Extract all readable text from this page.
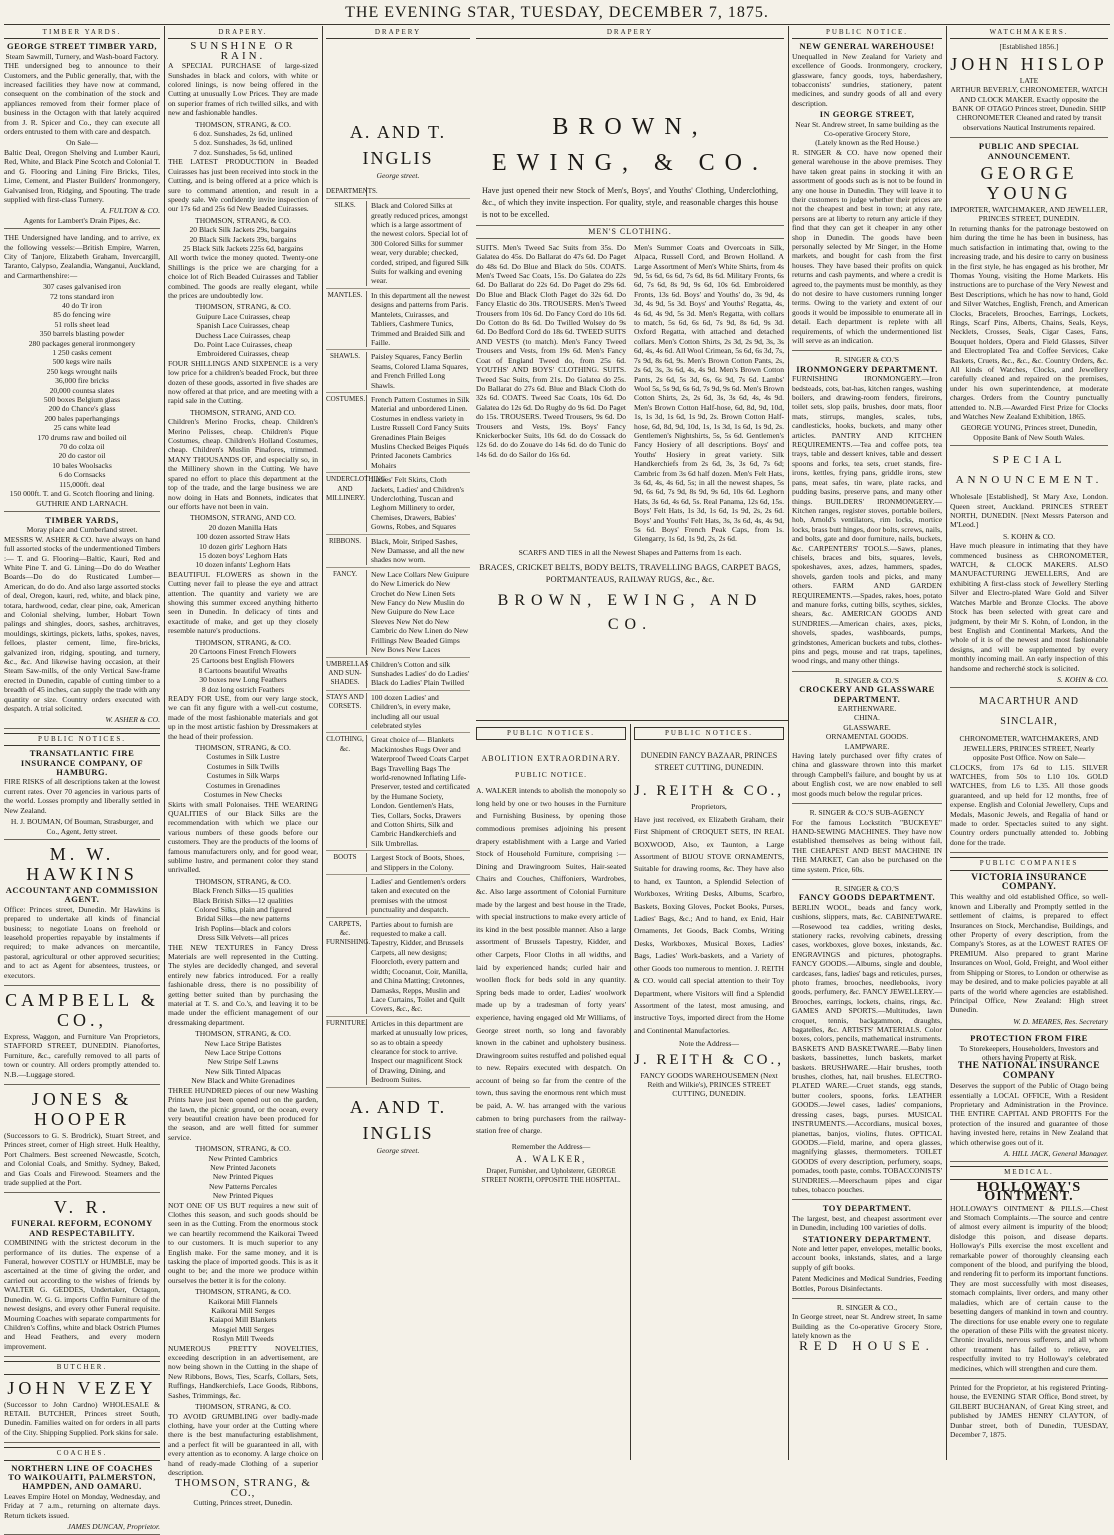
THE EVENING STAR, TUESDAY, DECEMBER 7, 1875.
TIMBER YARDS.
GEORGE STREET TIMBER YARD,
Steam Sawmill, Turnery, and Wash-board Factory.

THE undersigned beg to announce to their Customers, and the Public generally, that, with the increased facilities they have now at command, consequent on the combination of the stock and appliances removed from their former place of business in the Octagon with that lately acquired from J. R. Spicer and Co., they can execute all orders entrusted to them with care and despatch.

On Sale—

Baltic Deal, Oregon Shelving and Lumber Kauri, Red, White, and Black Pine Scotch and Colonial T. and G. Flooring and Lining Fire Bricks, Tiles, Lime, Cement, and Plaster Builders' Ironmongery, Galvanised Iron, Ridging, and Spouting. The trade supplied with first-class Turnery.

A. FULTON & CO.
Agents for Lambert's Drain Pipes, &c.

THE Undersigned have landing, and to arrive, ex the following vessels:—British Empire, Warren, City of Tanjore, Elizabeth Graham, Invercargill, Taranto, Calypso, Zealandia, Wanganui, Auckland, and Carmarthenshire:—

307 cases galvanised iron
72 tons standard iron
40 do Tr iron
85 do fencing wire
51 rolls sheet lead
350 barrels blasting powder
280 packages general ironmongery
1 250 casks cement
500 kegs wire nails
250 kegs wrought nails
36,000 fire bricks
20,000 countsa slates
500 boxes Belgium glass
200 do Chance's glass
200 bales paperhangings
25 cans white lead
170 drums raw and boiled oil
70 do colza oil
20 do castor oil
10 bales Woolsacks
6 do Cornsacks
115,000ft. deal
150 000ft. T. and G. Scotch flooring and lining.
GUTHRIE AND LARNACH.
TIMBER YARDS,
Moray place and Cumberland street.

MESSRS W. ASHER & CO. have always on hand full assorted stocks of the undermentioned Timbers :— T. and G. Flooring—Baltic, Kauri, Red and White Pine T. and G. Lining—Do do do Weather Boards—Do do do Rusticated Lumber—American, do do do. And also large assorted stocks of deal, Oregon, kauri, red, white, and black pine, totara, hardwood, cedar, clear pine, oak, American and Colonial shelving, lumber, Hobart Town palings and shingles, doors, sashes, architraves, mouldings, skirtings, pickets, laths, spokes, naves, felloes, plaster cement, lime, fire-bricks, galvanized iron, ridging, spouting, and turnery, &c., &c. And likewise having occasion, at their Steam Saw-mills, of the only Vertical Saw-frame erected in Dunedin, capable of cutting timber to a breadth of 45 inches, can supply the trade with any quantity or size. Country orders executed with despatch. A trial solicited.

W. ASHER & CO.
PUBLIC NOTICES.
TRANSATLANTIC FIRE INSURANCE COMPANY, OF HAMBURG.

FIRE RISKS of all descriptions taken at the lowest current rates. Over 70 agencies in various parts of the world. Losses promptly and liberally settled in New Zealand.

H. J. BOUMAN, Of Bouman, Strasburger, and Co., Agent, Jetty street.
M. W. HAWKINS
ACCOUNTANT AND COMMISSION AGENT.

Office: Princes street, Dunedin. Mr Hawkins is prepared to undertake all kinds of financial business; to negotiate Loans on freehold or leasehold properties repayable by instalments if required; to make advances on mercantile, pastoral, agricultural or other approved securities; and to act as Agent for absentees, trustees, or executors.

CAMPBELL & CO.,

Express, Waggon, and Furniture Van Proprietors, STAFFORD STREET, DUNEDIN. Pianofortes, Furniture, &c., carefully removed to all parts of town or country. All orders promptly attended to. N.B.—Luggage stored.

JONES & HOOPER

(Successors to G. S. Brodrick), Stuart Street, and Princes street, corner of High street. Hulk Healthy, Port Chalmers. Best screened Newcastle, Scotch, and Colonial Coals, and Smithy. Sydney, Baked, and Gas Coals and Firewood. Steamers and the trade supplied at the Port.

V. R.
FUNERAL REFORM, ECONOMY AND RESPECTABILITY.

COMBINING with the strictest decorum in the performance of its duties. The expense of a Funeral, however COSTLY or HUMBLE, may be ascertained at the time of giving the order, and carried out according to the wishes of friends by WALTER G. GEDDES, Undertaker, Octagon, Dunedin. W. G. G. imports Coffin Furniture of the newest designs, and every other Funeral requisite. Mourning Coaches with separate compartments for Children's Coffins, white and black Ostrich Plumes and Head Feathers, and every modern improvement.

BUTCHER.
JOHN VEZEY

(Successor to John Cardno) WHOLESALE & RETAIL BUTCHER, Princes street South, Dunedin. Families waited on for orders in all parts of the City. Shipping Supplied. Pork skins for sale.

COACHES.
NORTHERN LINE OF COACHES TO WAIKOUAITI, PALMERSTON, HAMPDEN, AND OAMARU.

Leaves Empire Hotel on Monday, Wednesday, and Friday at 7 a.m., returning on alternate days. Return tickets issued.

JAMES DUNCAN, Proprietor.
DRAPERY.
SUNSHINE OR RAIN.

A SPECIAL PURCHASE of large-sized Sunshades in black and colors, with white or colored linings, is now being offered in the Cutting at unusually Low Prices. They are made on superior frames of rich twilled silks, and with new and fashionable handles.

THOMSON, STRANG, & CO.
6 doz. Sunshades, 2s 6d, unlined
5 doz. Sunshades, 3s 6d, unlined
7 doz. Sunshades, 5s 6d, unlined

THE LATEST PRODUCTION in Beaded Cuirasses has just been received into stock in the Cutting, and is being offered at a price which is sure to command attention, and result in a speedy sale. We confidently invite inspection of our 17s 6d and 25s 6d New Beaded Cuirasses.

THOMSON, STRANG, & CO.
20 Black Silk Jackets 29s, bargains
20 Black Silk Jackets 39s, bargains
25 Black Silk Jackets 225s 6d, bargains

All worth twice the money quoted. Twenty-one Shillings is the price we are charging for a choice lot of Rich Beaded Cuirasses and Tablier combined. The goods are really elegant, while the prices are undoubtedly low.

THOMSON, STRANG, & CO.
Guipure Lace Cuirasses, cheap
Spanish Lace Cuirasses, cheap
Duchess Lace Cuirasses, cheap
Do. Point Lace Cuirasses, cheap
Embroidered Cuirasses, cheap

FOUR SHILLINGS AND SIXPENCE is a very low price for a children's beaded Frock, but three dozen of these goods, assorted in five shades are now offered at that price, and are meeting with a rapid sale in the Cutting.

THOMSON, STRANG, AND CO.

Children's Merino Frocks, cheap. Children's Merino Pelisses, cheap. Children's Pique Costumes, cheap. Children's Holland Costumes, cheap. Children's Muslin Pinafores, trimmed. MANY THOUSANDS OF, and especially so, in the Millinery shown in the Cutting. We have spared no effort to place this department at the top of the trade, and the large business we are now doing in Hats and Bonnets, indicates that our efforts have not been in vain.

THOMSON, STRANG, AND CO.
20 dozen Manilla Hats
100 dozen assorted Straw Hats
10 dozen girls' Leghorn Hats
15 dozen boys' Leghorn Hats
10 dozen infants' Leghorn Hats

BEAUTIFUL FLOWERS as shown in the Cutting never fail to please the eye and attract attention. The quantity and variety we are showing this summer exceed anything hitherto seen in Dunedin. In delicacy of tints and exactitude of make, and get up they closely resemble nature's productions.

THOMSON, STRANG, & CO.
20 Cartoons Finest French Flowers
25 Cartoons best English Flowers
8 Cartoons beautiful Wreaths
30 boxes new Long Feathers
8 doz long ostrich Feathers

READY FOR USE, from our very large stock, we can fit any figure with a well-cut costume, made of the most fashionable materials and got up in the most artistic fashion by Dressmakers at the head of their profession.

THOMSON, STRANG, & CO.
Costumes in Silk Lustre
Costumes in Silk Twills
Costumes in Silk Warps
Costumes in Grenadines
Costumes in New Checks

Skirts with small Polonaises. THE WEARING QUALITIES of our Black Silks are the recommendation with which we place our various numbers of these goods before our customers. They are the products of the looms of famous manufacturers only, and for good wear, sublime lustre, and permanent color they stand unrivalled.

THOMSON, STRANG, & CO.
Black French Silks—15 qualities
Black British Silks—12 qualities
Colored Silks, plain and figured
Bridal Silks—the new patterns
Irish Poplins—black and colors
Dress Silk Velvets—all prices

THE NEW TEXTURES in Fancy Dress Materials are well represented in the Cutting. The styles are decidedly changed, and several entirely new fabrics introduced. For a really fashionable dress, there is no possibility of getting better suited than by purchasing the material at T. S. and Co.'s, and leaving it to be made under the efficient management of our dressmaking department.

THOMSON, STRANG, & CO.
New Lace Stripe Batistes
New Lace Stripe Cottons
New Stripe Self Lawns
New Silk Tinted Alpacas
New Black and White Grenadines

THREE HUNDRED pieces of our new Washing Prints have just been opened out on the garden, the lawn, the picnic ground, or the ocean, every very beautiful creation have been produced for the season, and are well fitted for summer service.

THOMSON, STRANG, & CO.
New Printed Cambrics
New Printed Jaconets
New Printed Piques
New Patterns Percales
New Printed Piques

NOT ONE OF US BUT requires a new suit of Clothes this season, and such goods should be seen in as the Cutting. From the enormous stock we can heartily recommend the Kaikorai Tweed to our customers. It is much superior to any English make. For the same money, and it is tasking the place of imported goods. This is as it ought to be; and the more we produce within ourselves the better it is for the colony.

THOMSON, STRANG, & CO.
Kaikorai Mill Flannels
Kaikorai Mill Serges
Kaiapoi Mill Blankets
Mosgiel Mill Serges
Roslyn Mill Tweeds

NUMEROUS PRETTY NOVELTIES, exceeding description in an advertisement, are now being shown in the Cutting in the shape of New Ribbons, Bows, Ties, Scarfs, Collars, Sets, Ruffings, Handkerchiefs, Lace Goods, Ribbons, Sashes, Trimmings, &c.

THOMSON, STRANG, & CO.

TO AVOID GRUMBLING over badly-made clothing, have your order at the Cutting where there is the best manufacturing establishment, and a perfect fit will be guaranteed in all, with every attention as to economy. A large choice on hand of ready-made Clothing of a superior description.

THOMSON, STRANG, & CO.,
Cutting, Princes street, Dunedin.
DRAPERY
A. AND T. INGLIS
George street.
DEPARTMENTS.
SILKS.	Black and Colored Silks at greatly reduced prices, amongst which is a large assortment of the newest colors. Special lot of 300 Colored Silks for summer wear, very durable; checked, corded, striped, and figured Silk Suits for walking and evening wear.
MANTLES.	In this department all the newest designs and patterns from Paris. Mantelets, Cuirasses, and Tabliers, Cashmere Tunics, Trimmed and Braided Silk and Faille.
SHAWLS.	Paisley Squares, Fancy Berlin Seams, Colored Llama Squares, and French Frilled Long Shawls.
COSTUMES. French Pattern Costumes in Silk Material and unbordered Linen. Costumes in endless variety in Lustre Russell Cord Fancy Suits Grenadines Plain Beiges Muslins Checked Beiges Piqués Printed Jaconets Cambrics Mohairs
UNDERCLOTHING AND MILLINERY.
Ladies' Felt Skirts, Cloth Jackets, Ladies' and Children's Underclothing, Tuscan and Leghorn Millinery to order, Chemises, Drawers, Babies' Gowns, Robes, and Squares
RIBBONS.	Black, Moir, Striped Sashes, New Damasse, and all the new shades now worn.
FANCY.	New Lace Collars New Guipure do New Limerick do New Crochet do New Linen Sets New Fancy do New Muslin do New Guipure do New Lace Sleeves New Net do New Cambric do New Linen do New Frillings New Beaded Gimps New Bows New Laces
UMBRELLAS AND SUN-SHADES.
Children's Cotton and silk Sunshades Ladies' do do Ladies' Black do Ladies' Plain Twilled
STAYS AND CORSETS.
100 dozen Ladies' and Children's, in every make, including all our usual celebrated styles
CLOTHING, &c.
Great choice of— Blankets Mackintoshes Rugs Over and Waterproof Tweed Coats Carpet Bags Travelling Bags The world-renowned Inflating Life-Preserver, tested and certificated by the Humane Society, London. Gentlemen's Hats, Ties, Collars, Socks, Drawers and Cotton Shirts, Silk and Cambric Handkerchiefs and Silk Umbrellas.
BOOTS	Largest Stock of Boots, Shoes, and Slippers in the Colony.
Ladies' and Gentlemen's orders taken and executed on the premises with the utmost punctuality and despatch.
CARPETS, &c. FURNISHING.
Parties about to furnish are requested to make a call. Tapestry, Kidder, and Brussels Carpets, all new designs; Floorcloth, every pattern and width; Cocoanut, Coir, Manilla, and China Matting; Cretonnes, Damasks, Repps, Muslin and Lace Curtains, Toilet and Quilt Covers, &c., &c.
FURNITURE. Articles in this department are marked at unusually low prices, so as to obtain a speedy clearance for stock to arrive. Inspect our magnificent Stock of Drawing, Dining, and Bedroom Suites.
A. AND T. INGLIS
George street.
DRAPERY
BROWN, EWING, & CO.

Have just opened their new Stock of Men's, Boys', and Youths' Clothing, Underclothing, &c., of which they invite inspection. For quality, style, and reasonable charges this house is not to be excelled.

MEN'S CLOTHING.
SUITS. Men's Tweed Sac Suits from 35s. Do Galatea do 45s. Do Ballarat do 47s 6d. Do Paget do 48s 6d. Do Blue and Black do 50s. COATS. Men's Tweed Sac Coats, 15s. Do Galatea do 22s 6d. Do Ballarat do 22s 6d. Do Paget do 29s 6d. Do Blue and Black Cloth Paget do 32s 6d. Do Fancy Elastic do 30s. TROUSERS. Men's Tweed Trousers from 10s 6d. Do Fancy Cord do 10s 6d. Do Cotton do 8s 6d. Do Twilled Wolsey do 9s 6d. Do Bedford Cord do 18s 6d. TWEED SUITS AND VESTS (to match). Men's Fancy Tweed Trousers and Vests, from 19s 6d. Men's Fancy Coat of England Tweed do, from 25s 6d. YOUTHS' AND BOYS' CLOTHING. SUITS. Tweed Sac Suits, from 21s. Do Galatea do 25s. Do Ballarat do 27s 6d. Blue and Black Cloth do 32s 6d. COATS. Tweed Sac Coats, 10s 6d. Do Galatea do 12s 6d. Do Rugby do 9s 6d. Do Paget do 15s. TROUSERS. Tweed Trousers, 9s 6d. Do Trousers and Vests, 19s. Boys' Fancy Knickerbocker Suits, 10s 6d. do do Cossack do 12s 6d. do do Zouave do 14s 6d. do do Tunic do 14s 6d. do do Sailor do 16s 6d.
Men's Summer Coats and Overcoats in Silk, Alpaca, Russell Cord, and Brown Holland. A Large Assortment of Men's White Shirts, from 4s 9d, 5s 6d, 6s 6d, 7s 6d, 8s 6d. Military Fronts, 6s 6d, 7s 6d, 8s 9d, 9s 6d, 10s 6d. Embroidered Fronts, 13s 6d. Boys' and Youths' do, 3s 9d, 4s 3d, 4s 9d, 5s 3d. Boys' and Youths' Regatta, 4s, 4s 6d, 4s 9d, 5s 3d. Men's Regatta, with collars to match, 5s 6d, 6s 6d, 7s 9d, 8s 6d, 9s 3d. Oxford Regatta, with attached and detached collars. Men's Cotton Shirts, 2s 3d, 2s 9d, 3s, 3s 6d, 4s, 4s 6d. All Wool Crimean, 5s 6d, 6s 3d, 7s, 7s 9d, 8s 6d, 9s. Men's Brown Cotton Pants, 2s, 2s 6d, 3s, 3s 6d, 4s, 4s 9d. Men's Brown Cotton Pants, 2s 6d, 5s 3d, 6s, 6s 9d, 7s 6d. Lambs' Wool 5s, 5s 9d, 6s 6d, 7s 9d, 9s 6d. Men's Brown Cotton Shirts, 2s, 2s 6d, 3s, 3s 6d, 4s, 4s 9d. Men's Brown Cotton Half-hose, 6d, 8d, 9d, 10d, 1s, 1s 3d, 1s 6d, 1s 9d, 2s. Brown Cotton Half-hose, 6d, 8d, 9d, 10d, 1s, 1s 3d, 1s 6d, 1s 9d, 2s. Gentlemen's Nightshirts, 5s, 5s 6d. Gentlemen's Fancy Hosiery of all descriptions. Boys' and Youths' Hosiery in great variety. Silk Handkerchiefs from 2s 6d, 3s, 3s 6d, 7s 6d; Cambric from 3s 6d half dozen. Men's Felt Hats, 3s 6d, 4s, 4s 6d, 5s; in all the newest shapes, 5s 9d, 6s 6d, 7s 9d, 8s 9d, 9s 6d, 10s 6d. Leghorn Hats, 3s 6d, 4s 6d, 5s. Real Panama, 12s 6d, 15s. Boys' Felt Hats, 1s 3d, 1s 6d, 1s 9d, 2s, 2s 6d. Boys' and Youths' Felt Hats, 3s, 3s 6d, 4s, 4s 9d, 5s 6d. Boys' French Peak Caps, from 1s. Glengarry, 1s 6d, 1s 9d, 2s, 2s 6d.
SCARFS AND TIES in all the Newest Shapes and Patterns from 1s each.
BRACES, CRICKET BELTS, BODY BELTS, TRAVELLING BAGS, CARPET BAGS, PORTMANTEAUS, RAILWAY RUGS, &c., &c.
BROWN, EWING, AND CO.
PUBLIC NOTICES.
ABOLITION EXTRAORDINARY.
PUBLIC NOTICE.

A. WALKER intends to abolish the monopoly so long held by one or two houses in the Furniture and Furnishing Business, by opening those commodious premises adjoining his present drapery establishment with a Large and Varied Stock of Household Furniture, comprising :— Dining and Drawingroom Suites, Hair-seated Chairs and Couches, Chiffoniers, Wardrobes, &c. Also large assortment of Colonial Furniture made by the largest and best house in the Trade, with special instructions to make every article of its kind in the best possible manner. Also a large assortment of Brussels Tapestry, Kidder, and other Carpets, Floor Cloths in all widths, and laid by experienced hands; curled hair and woollen flock for beds sold in any quantity. Spring beds made to order, Ladies' woolwork made up by a tradesman of forty years' experience, having engaged old Mr Williams, of George street north, so long and favorably known in the cabinet and upholstery business. Drawingroom suites restuffed and polished equal to new. Repairs executed with despatch. On account of being so far from the centre of the town, thus saving the enormous rent which must be paid, A. W. has arranged with the various cabmen to bring purchasers from the railway-station free of charge.

Remember the Address—
A. WALKER,
Draper, Furnisher, and Upholsterer, GEORGE STREET NORTH, OPPOSITE THE HOSPITAL.
PUBLIC NOTICES.
DUNEDIN FANCY BAZAAR, PRINCES STREET CUTTING, DUNEDIN.
J. REITH & CO.,
Proprietors,

Have just received, ex Elizabeth Graham, their First Shipment of CROQUET SETS, IN REAL BOXWOOD, Also, ex Taunton, a Large Assortment of BIJOU STOVE ORNAMENTS, Suitable for drawing rooms, &c. They have also to hand, ex Taunton, a Splendid Selection of Workboxes, Writing Desks, Albums, Scarbro, Baskets, Boxing Gloves, Pocket Books, Purses, Ladies' Bags, &c.; And to hand, ex Enid, Hair Ornaments, Jet Goods, Back Combs, Writing Desks, Workboxes, Musical Boxes, Ladies' Bags, Ladies' Work-baskets, and a Variety of other Goods too numerous to mention. J. REITH & CO. would call special attention to their Toy Department, where Visitors will find a Splendid Assortment of the latest, most amusing, and instructive Toys, imported direct from the Home and Continental Manufactories.

Note the Address—
J. REITH & CO.,
FANCY GOODS WAREHOUSEMEN (Next Reith and Wilkie's), PRINCES STREET CUTTING, DUNEDIN.
PUBLIC NOTICE.
NEW GENERAL WAREHOUSE!

Unequalled in New Zealand for Variety and excellence of Goods. Ironmongery, crockery, glassware, fancy goods, toys, haberdashery, tobacconists' sundries, stationery, patent medicines, and sundry goods of all and every description.

IN GEORGE STREET,
Near St. Andrew street, In same building as the Co-operative Grocery Store,
(Lately known as the Red House.)

R. SINGER & CO. have now opened their general warehouse in the above premises. They have taken great pains in stocking it with an assortment of goods such as is not to be found in any one house in Dunedin. They will leave it to their customers to judge whether their prices are not the cheapest and best in town; at any rate, persons are at liberty to return any article if they find that they can get it cheaper in any other shop in Dunedin. The goods have been personally selected by Mr Singer, in the Home markets, and bought for cash from the first houses. They have based their profits on quick returns and cash payments, and where a credit is agreed to, the payments must be monthly, as they do not desire to have customers running longer terms. Owing to the variety and extent of our goods it would be impossible to enumerate all in detail. Each department is replete with all requirements, of which the undermentioned list will serve as an indication.

R. SINGER & CO.'S
IRONMONGERY DEPARTMENT.

FURNISHING IRONMONGERY.—Iron bedsteads, cots, bat-has, kitchen ranges, washing boilers, and drawing-room fenders, fireirons, toilet sets, slop pails, brushes, door mats, floor mats, stirrups, mangles, scales, tubs, candlesticks, hooks, buckets, and many other articles. PANTRY AND KITCHEN REQUIREMENTS.—Tea and coffee pots, tea trays, table and dessert knives, table and dessert spoons and forks, tea sets, cruet stands, fire-irons, kettles, frying pans, griddle irons, stew pans, meat safes, tin ware, plate racks, and pudding basins, preserve pans, and many other things. BUILDERS' IRONMONGERY.—Kitchen ranges, register stoves, portable boilers, hob, Arnold's ventilators, rim locks, mortice locks, brass butt hinges, door bolts, screws, nails, and bolts, gate and door furniture, nails, buckets, &c. CARPENTERS' TOOLS.—Saws, planes, chisels, braces and bits, squares, levels, spokeshaves, axes, adzes, hammers, spades, shovels, garden tools and picks, and many others. FARM AND GARDEN REQUIREMENTS.—Spades, rakes, hoes, potato and manure forks, cutting bills, scythes, sickles, shears, &c. AMERICAN GOODS AND SUNDRIES.—American chairs, axes, picks, shovels, spades, washboards, pumps, grindstones, American buckets and tubs, clothes-pins and pegs, mouse and rat traps, tapelines, wood rings, and many other things.

R. SINGER & CO.'S
CROCKERY AND GLASSWARE DEPARTMENT.
EARTHENWARE.
CHINA.
GLASSWARE.
ORNAMENTAL GOODS.
LAMPWARE.

Having lately purchased over fifty crates of china and glassware thrown into this market through Campbell's failure, and bought by us at about English cost, we are now enabled to sell most goods much below the regular prices.

R. SINGER & CO.'S SUB-AGENCY

For the famous Lockstitch "BUCKEYE" HAND-SEWING MACHINES. They have now established themselves as being without fail, THE CHEAPEST AND BEST MACHINE IN THE MARKET, Can also be purchased on the time system. Price, 60s.

R. SINGER & CO.'S
FANCY GOODS DEPARTMENT.

BERLIN WOOL, beads and fancy work, cushions, slippers, mats, &c. CABINETWARE.—Rosewood tea caddies, writing desks, stationery racks, revolving cabinets, dressing cases, workboxes, glove boxes, inkstands, &c. ENGRAVINGS and pictures, photographs. FANCY GOODS.—Albums, single and double, cardcases, fans, ladies' bags and reticules, purses, photo frames, brooches, needlebooks, ivory goods, perfumery, &c. FANCY JEWELLERY.—Brooches, earrings, lockets, chains, rings, &c. GAMES AND SPORTS.—Multitudes, lawn croquet, tennis, backgammon, draughts, bagatelles, &c. ARTISTS' MATERIALS. Color boxes, colors, pencils, mathematical instruments. BASKETS AND BASKETWARE.—Baby linen baskets, bassinettes, lunch baskets, market baskets. BRUSHWARE.—Hair brushes, tooth brushes, clothes, hat, nail brushes. ELECTRO-PLATED WARE.—Cruet stands, egg stands, butter coolers, spoons, forks. LEATHER GOODS.—Jewel cases, ladies' companions, dressing cases, bags, purses. MUSICAL INSTRUMENTS.—Accordians, musical boxes, pianettas, banjos, violins, flutes. OPTICAL GOODS.—Field, marine, and opera glasses, magnifying glasses, thermometers. TOILET GOODS of every description, perfumery, soaps, pomades, tooth paste, combs. TOBACCONISTS' SUNDRIES.—Meerschaum pipes and cigar tubes, tobacco pouches.

TOY DEPARTMENT.

The largest, best, and cheapest assortment ever in Dunedin, including 100 varieties of dolls.

STATIONERY DEPARTMENT.

Note and letter paper, envelopes, metallic books, account books, inkstands, slates, and a large supply of gift books.

Patent Medicines and Medical Sundries, Feeding Bottles, Porous Disinfectants.

R. SINGER & CO.,

In George street, near St. Andrew street, In same Building as the Co-operative Grocery Store, lately known as the

RED HOUSE.
WATCHMAKERS.
[Established 1856.]
JOHN HISLOP
LATE

ARTHUR BEVERLY, CHRONOMETER, WATCH AND CLOCK MAKER. Exactly opposite the BANK OF OTAGO Princes street, Dunedin. SHIP CHRONOMETER Cleaned and rated by transit observations Nautical Instruments repaired.

PUBLIC AND SPECIAL ANNOUNCEMENT.
GEORGE YOUNG
IMPORTER, WATCHMAKER, AND JEWELLER, PRINCES STREET, DUNEDIN.

In returning thanks for the patronage bestowed on him during the time he has been in business, has much satisfaction in intimating that, owing to the increasing trade, and his desire to carry on business in the first style, he has engaged as his brother, Mr Thomas Young, visiting the Home Markets. His instructions are to purchase of the Very Newest and Best Descriptions, which he has now to hand, Gold and Silver Watches, English, French, and American Clocks, Bracelets, Brooches, Earrings, Lockets, Rings, Scarf Pins, Alberts, Chains, Seals, Keys, Necklets, Crosses, Seals, Cigar Cases, Fans, Bouquet holders, Opera and Field Glasses, Silver and Electroplated Tea and Coffee Services, Cake Baskets, Cruets, &c., &c., &c. Country Orders, &c. All kinds of Watches, Clocks, and Jewellery carefully cleaned and repaired on the premises, under his own superintendence, at moderate charges. Orders from the Country punctually attended to. N.B.—Awarded First Prize for Clocks and Watches New Zealand Exhibition, 1865.

GEORGE YOUNG, Princes street, Dunedin, Opposite Bank of New South Wales.
SPECIAL ANNOUNCEMENT.

Wholesale [Established], St Mary Axe, London. Queen street, Auckland. PRINCES STREET NORTH, DUNEDIN. [Next Messrs Paterson and M'Leod.]

S. KOHN & CO.

Have much pleasure in intimating that they have commenced business as CHRONOMETER, WATCH, & CLOCK MAKERS. ALSO MANUFACTURING JEWELLERS, And are exhibiting A first-class stock of Jewellery Sterling Silver and Electro-plated Ware Gold and Silver Watches Marble and Bronze Clocks. The above Stock has been selected with great care and judgment, by their Mr S. Kohn, of London, in the best English and Continental Markets, And the whole of it is of the newest and most fashionable designs, and will be supplemented by every monthly incoming mail. An early inspection of this handsome and recherché stock is solicited.

S. KOHN & CO.
MACARTHUR AND SINCLAIR,
CHRONOMETER, WATCHMAKERS, AND JEWELLERS, PRINCES STREET, Nearly opposite Post Office. Now on Sale—

CLOCKS, from 17s 6d to L15. SILVER WATCHES, from 50s to L10 10s. GOLD WATCHES, from L6 to L35. All those goods guaranteed, and up held for 12 months, free of expense. English and Colonial Jewellery, Cups and Medals, Masonic Jewels, and Regalia of hand or made to order. Spectacles suited to any sight. Country orders punctually attended to. Jobbing done for the trade.

PUBLIC COMPANIES
VICTORIA INSURANCE COMPANY.

This wealthy and old established Office, so well-known and Liberally and Promptly settled in the settlement of claims, is prepared to effect Insurances on Stock, Merchandise, Buildings, and other Property of every description, from the Company's Stores, as at the LOWEST RATES OF PREMIUM. Also prepared to grant Marine Insurances on Wool, Gold, Freight, and Wool either from Shipping or Stores, to London or otherwise as may be desired, and to make policies payable at all parts of the world where agencies are established. Principal Office, New Zealand: High street Dunedin.

W. D. MEARES, Res. Secretary
PROTECTION FROM FIRE
To Storekeepers, Householders, Investors and others having Property at Risk.
THE NATIONAL INSURANCE COMPANY

Deserves the support of the Public of Otago being essentially a LOCAL OFFICE, With a Resident Proprietary and Administration in the Province. THE ENTIRE CAPITAL AND PROFITS For the protection of the insured and guarantee of those having invested here, retains in New Zealand that which otherwise goes out of it.

A. HILL JACK, General Manager.
MEDICAL.
HOLLOWAY'S OINTMENT.

HOLLOWAY'S OINTMENT & PILLS.—Chest and Stomach Complaints.—The source and centre of almost every ailment is impurity of the blood; dislodge this poison, and disease departs. Holloway's Pills exercise the most excellent and remarkable power of thoroughly cleansing each component of the blood, and purifying the blood, and rendering fit to perform its important functions. They are most successfully with most diseases, stomach complaints, liver orders, and many other maladies, which are of certain cause to the besetting dangers of mankind in town and country. The directions for use enable every one to regulate the operation of these Pills with the greatest nicety. Chronic invalids, nervous sufferers, and all whom other treatment has failed to relieve, are respectfully invited to try Holloway's celebrated medicines, which will strengthen and cure them.

Printed for the Proprietor, at his registered Printing-house, the EVENING STAR Office, Bond street, by GILBERT BUCHANAN, of Great King street, and published by JAMES HENRY CLAYTON, of Dunbar street, both of Dunedin, TUESDAY, December 7, 1875.
